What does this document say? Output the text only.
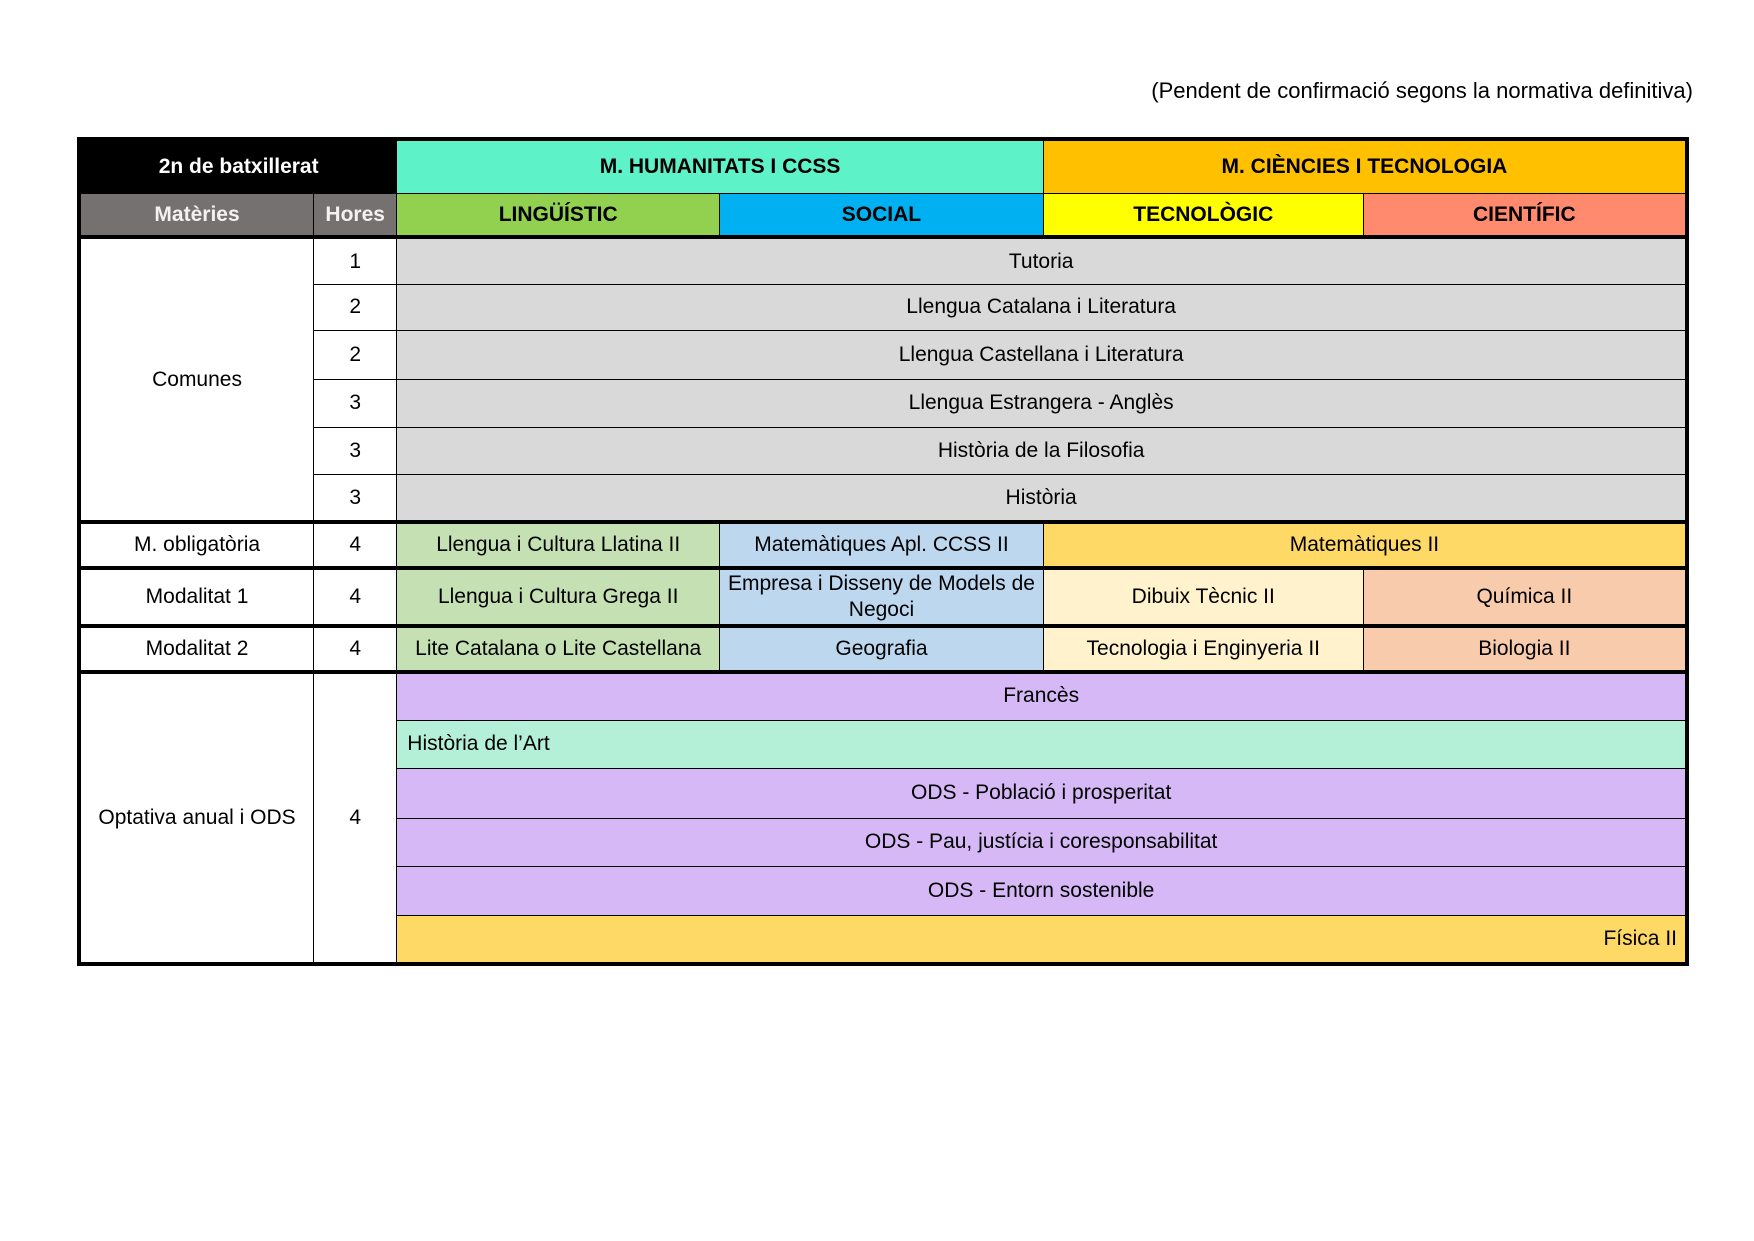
(Pendent de confirmació segons la normativa definitiva)
2n de batxillerat		M. HUMANITATS I CCSS		M. CIÈNCIES I TECNOLOGIA	
Matèries	Hores	LINGÜÍSTIC	SOCIAL	TECNOLÒGIC	CIENTÍFIC
Comunes	1	Tutoria			
	2	Llengua Catalana i Literatura			
	2	Llengua Castellana i Literatura			
	3	Llengua Estrangera - Anglès			
	3	Història de la Filosofia			
	3	Història			
M. obligatòria	4	Llengua i Cultura Llatina II	Matemàtiques Apl. CCSS II	Matemàtiques II	
Modalitat 1	4	Llengua i Cultura Grega II	Empresa i Disseny de Models de Negoci	Dibuix Tècnic II	Química II
Modalitat 2	4	Lite Catalana o Lite Castellana	Geografia	Tecnologia i Enginyeria II	Biologia II
Optativa anual i ODS	4	Francès			
		Història de l’Art			
		ODS - Població i prosperitat			
		ODS - Pau, justícia i coresponsabilitat			
		ODS - Entorn sostenible			
		Física II			
